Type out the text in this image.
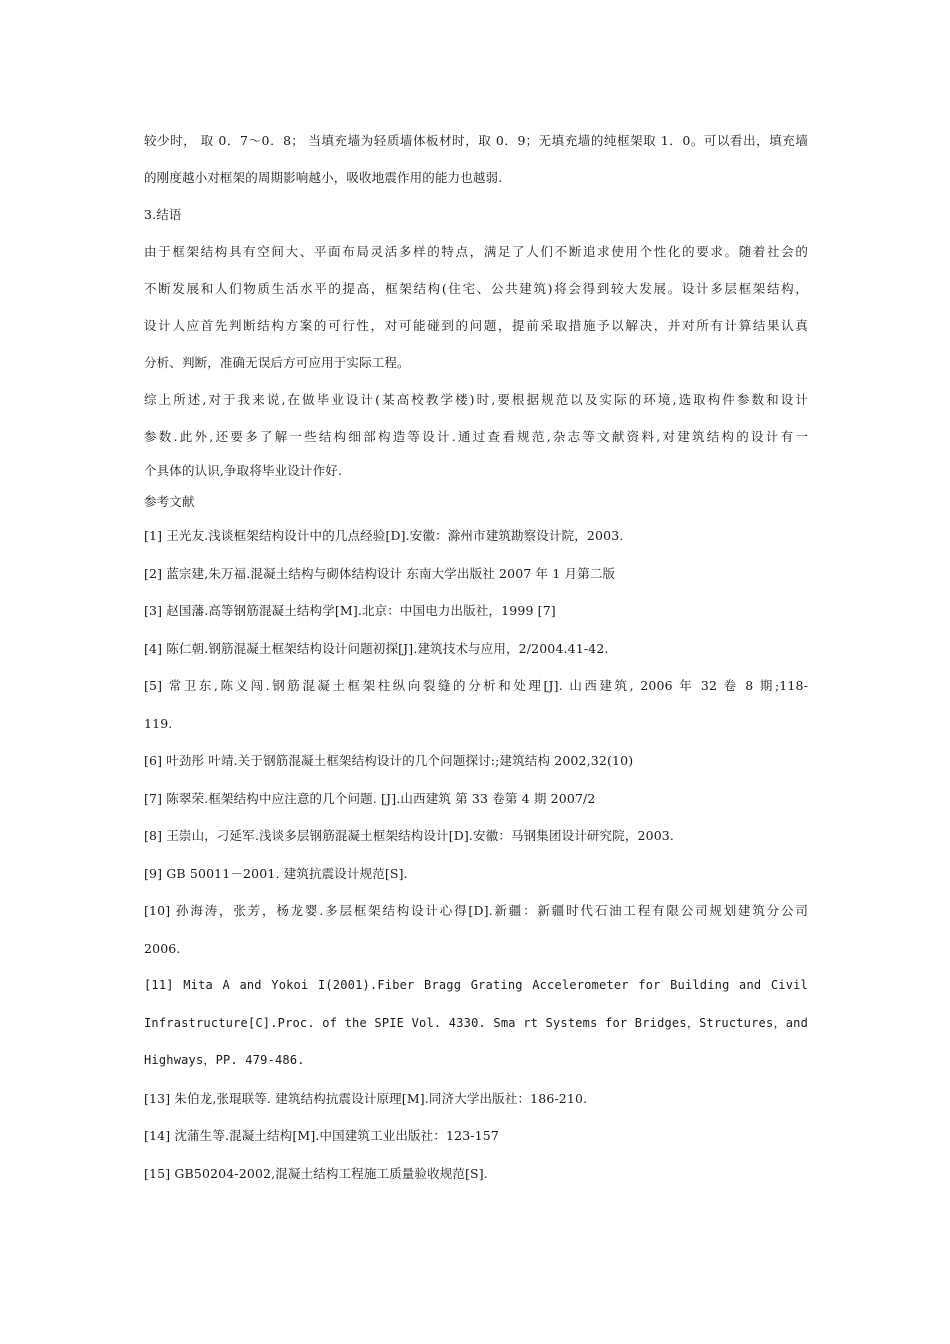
较少时， 取 0．7～0．8； 当填充墙为轻质墙体板材时，取 0．9；无填充墙的纯框架取 1．0。可以看出，填充墙
的刚度越小对框架的周期影响越小，吸收地震作用的能力也越弱.
3.结语
由于框架结构具有空间大、平面布局灵活多样的特点，满足了人们不断追求使用个性化的要求。随着社会的
不断发展和人们物质生活水平的提高，框架结构(住宅、公共建筑)将会得到较大发展。设计多层框架结构，
设计人应首先判断结构方案的可行性，对可能碰到的问题，提前采取措施予以解决，并对所有计算结果认真
分析、判断，准确无误后方可应用于实际工程。
综上所述,对于我来说,在做毕业设计(某高校教学楼)时,要根据规范以及实际的环境,选取构件参数和设计
参数.此外,还要多了解一些结构细部构造等设计.通过查看规范,杂志等文献资料,对建筑结构的设计有一
个具体的认识,争取将毕业设计作好.
参考文献
[1] 王光友.浅谈框架结构设计中的几点经验[D].安徽：滁州市建筑勘察设计院，2003.
[2] 蓝宗建,朱万福.混凝土结构与砌体结构设计 东南大学出版社 2007 年 1 月第二版
[3] 赵国藩.高等钢筋混凝土结构学[M].北京：中国电力出版社，1999 [7]
[4] 陈仁朝.钢筋混凝土框架结构设计问题初探[J].建筑技术与应用，2/2004.41-42.
[5] 常卫东,陈义闯.钢筋混凝土框架柱纵向裂缝的分析和处理[J]. 山西建筑, 2006 年 32 卷 8 期;118-
119.
[6] 叶劲彤 叶靖.关于钢筋混凝土框架结构设计的几个问题探讨:;建筑结构 2002,32(10)
[7] 陈翠荣.框架结构中应注意的几个问题. [J].山西建筑 第 33 卷第 4 期 2007/2
[8] 王崇山，刁延军.浅谈多层钢筋混凝土框架结构设计[D].安徽：马钢集团设计研究院，2003.
[9] GB 50011－2001. 建筑抗震设计规范[S].
[10] 孙海涛，张芳，杨龙婴.多层框架结构设计心得[D].新疆：新疆时代石油工程有限公司规划建筑分公司
2006.
[11] Mita A and Yokoi I(2001).Fiber Bragg Grating Accelerometer for Building and Civil
Infrastructure[C].Proc. of the SPIE Vol. 4330. Sma rt Systems for Bridges，Structures，and
Highways，PP. 479-486.
[13] 朱伯龙,张琨联等. 建筑结构抗震设计原理[M].同济大学出版社：186-210.
[14] 沈蒲生等.混凝土结构[M].中国建筑工业出版社：123-157
[15] GB50204-2002,混凝土结构工程施工质量验收规范[S].
